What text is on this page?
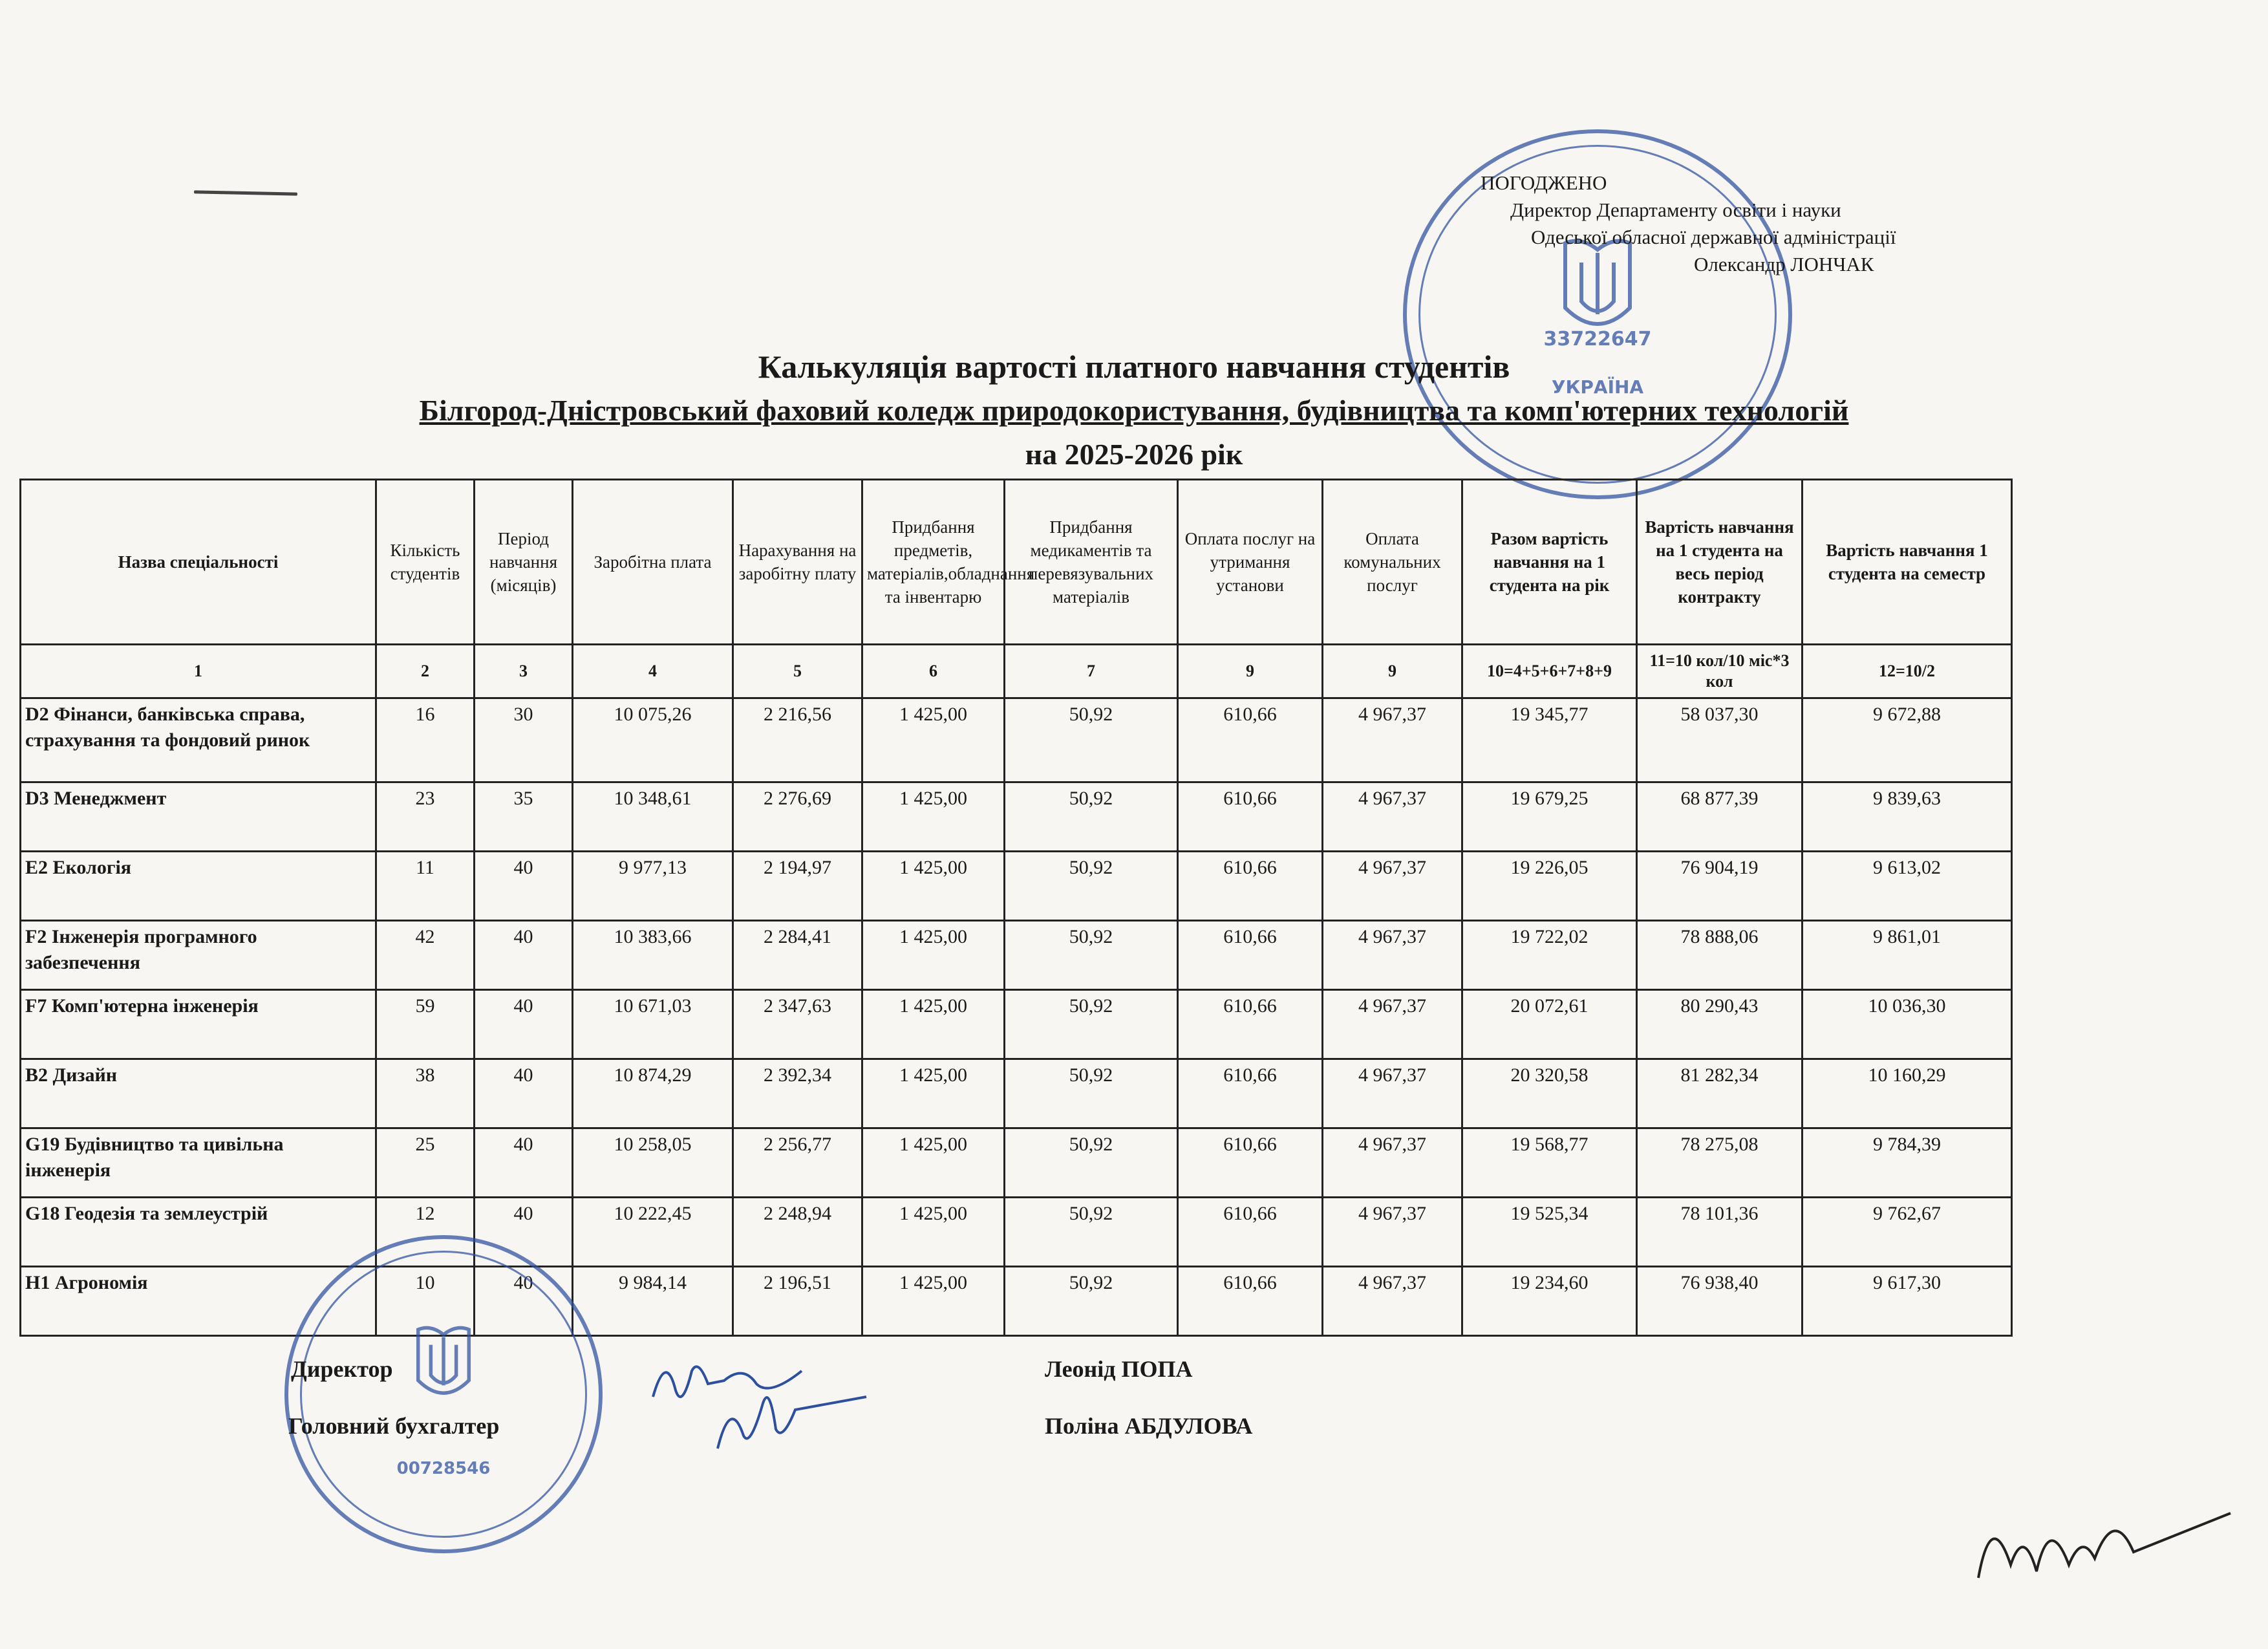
33722647
УКРАЇНА
ПОГОДЖЕНО
Директор Департаменту освіти і науки
Одеської обласної державної адміністрації
Олександр ЛОНЧАК
Калькуляція вартості платного навчання студентів
Білгород-Дністровський фаховий коледж природокористування, будівництва та комп'ютерних технологій
на 2025-2026 рік
Назва спеціальності	Кількість студентів	Період навчання (місяців)	Заробітна плата	Нарахування на заробітну плату	Придбання предметів, матеріалів,обладнання та інвентарю	Придбання медикаментів та перевязувальних матеріалів	Оплата послуг на утримання установи	Оплата комунальних послуг	Разом вартість навчання на 1 студента на рік	Вартість навчання на 1 студента на весь період контракту	Вартість навчання 1 студента на семестр
1	2	3	4	5	6	7	9	9	10=4+5+6+7+8+9	11=10 кол/10 міс*3 кол	12=10/2
D2 Фінанси, банківська справа, страхування та фондовий ринок	16	30	10 075,26	2 216,56	1 425,00	50,92	610,66	4 967,37	19 345,77	58 037,30	9 672,88
D3 Менеджмент	23	35	10 348,61	2 276,69	1 425,00	50,92	610,66	4 967,37	19 679,25	68 877,39	9 839,63
E2 Екологія	11	40	9 977,13	2 194,97	1 425,00	50,92	610,66	4 967,37	19 226,05	76 904,19	9 613,02
F2 Інженерія програмного забезпечення	42	40	10 383,66	2 284,41	1 425,00	50,92	610,66	4 967,37	19 722,02	78 888,06	9 861,01
F7 Комп'ютерна інженерія	59	40	10 671,03	2 347,63	1 425,00	50,92	610,66	4 967,37	20 072,61	80 290,43	10 036,30
B2 Дизайн	38	40	10 874,29	2 392,34	1 425,00	50,92	610,66	4 967,37	20 320,58	81 282,34	10 160,29
G19 Будівництво та цивільна інженерія	25	40	10 258,05	2 256,77	1 425,00	50,92	610,66	4 967,37	19 568,77	78 275,08	9 784,39
G18 Геодезія та землеустрій	12	40	10 222,45	2 248,94	1 425,00	50,92	610,66	4 967,37	19 525,34	78 101,36	9 762,67
H1 Агрономія	10	40	9 984,14	2 196,51	1 425,00	50,92	610,66	4 967,37	19 234,60	76 938,40	9 617,30
00728546
Директор	Леонід ПОПА
Головний бухгалтер	Поліна АБДУЛОВА
